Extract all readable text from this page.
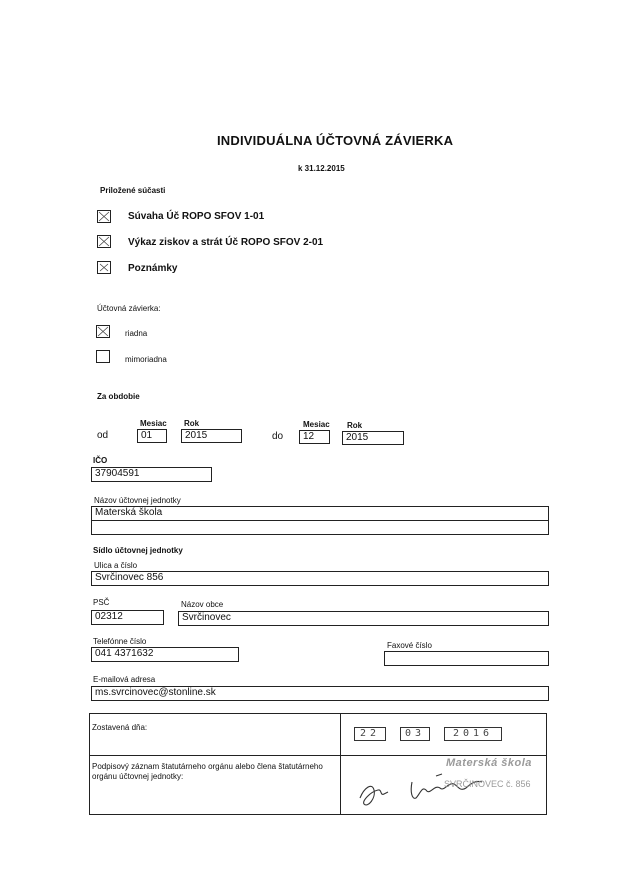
INDIVIDUÁLNA ÚČTOVNÁ ZÁVIERKA
k 31.12.2015
Priložené súčasti
Súvaha Úč ROPO SFOV 1-01
Výkaz ziskov a strát Úč ROPO SFOV 2-01
Poznámky
Účtovná závierka:
riadna
mimoriadna
Za obdobie
Mesiac Rok
od	01	2015
Mesiac Rok
do	12	2015
IČO
37904591
Názov účtovnej jednotky
Materská škola
Sídlo účtovnej jednotky
Ulica a číslo
Svrčinovec 856
PSČ	Názov obce
02312	Svrčinovec
Telefónne číslo
041 4371632
Faxové číslo
E-mailová adresa
ms.svrcinovec@stonline.sk
Zostavená dňa:
22	03	2016
Podpisový záznam štatutárneho orgánu alebo člena štatutárneho orgánu účtovnej jednotky:
Materská škola
SVRČINOVEC č. 856
